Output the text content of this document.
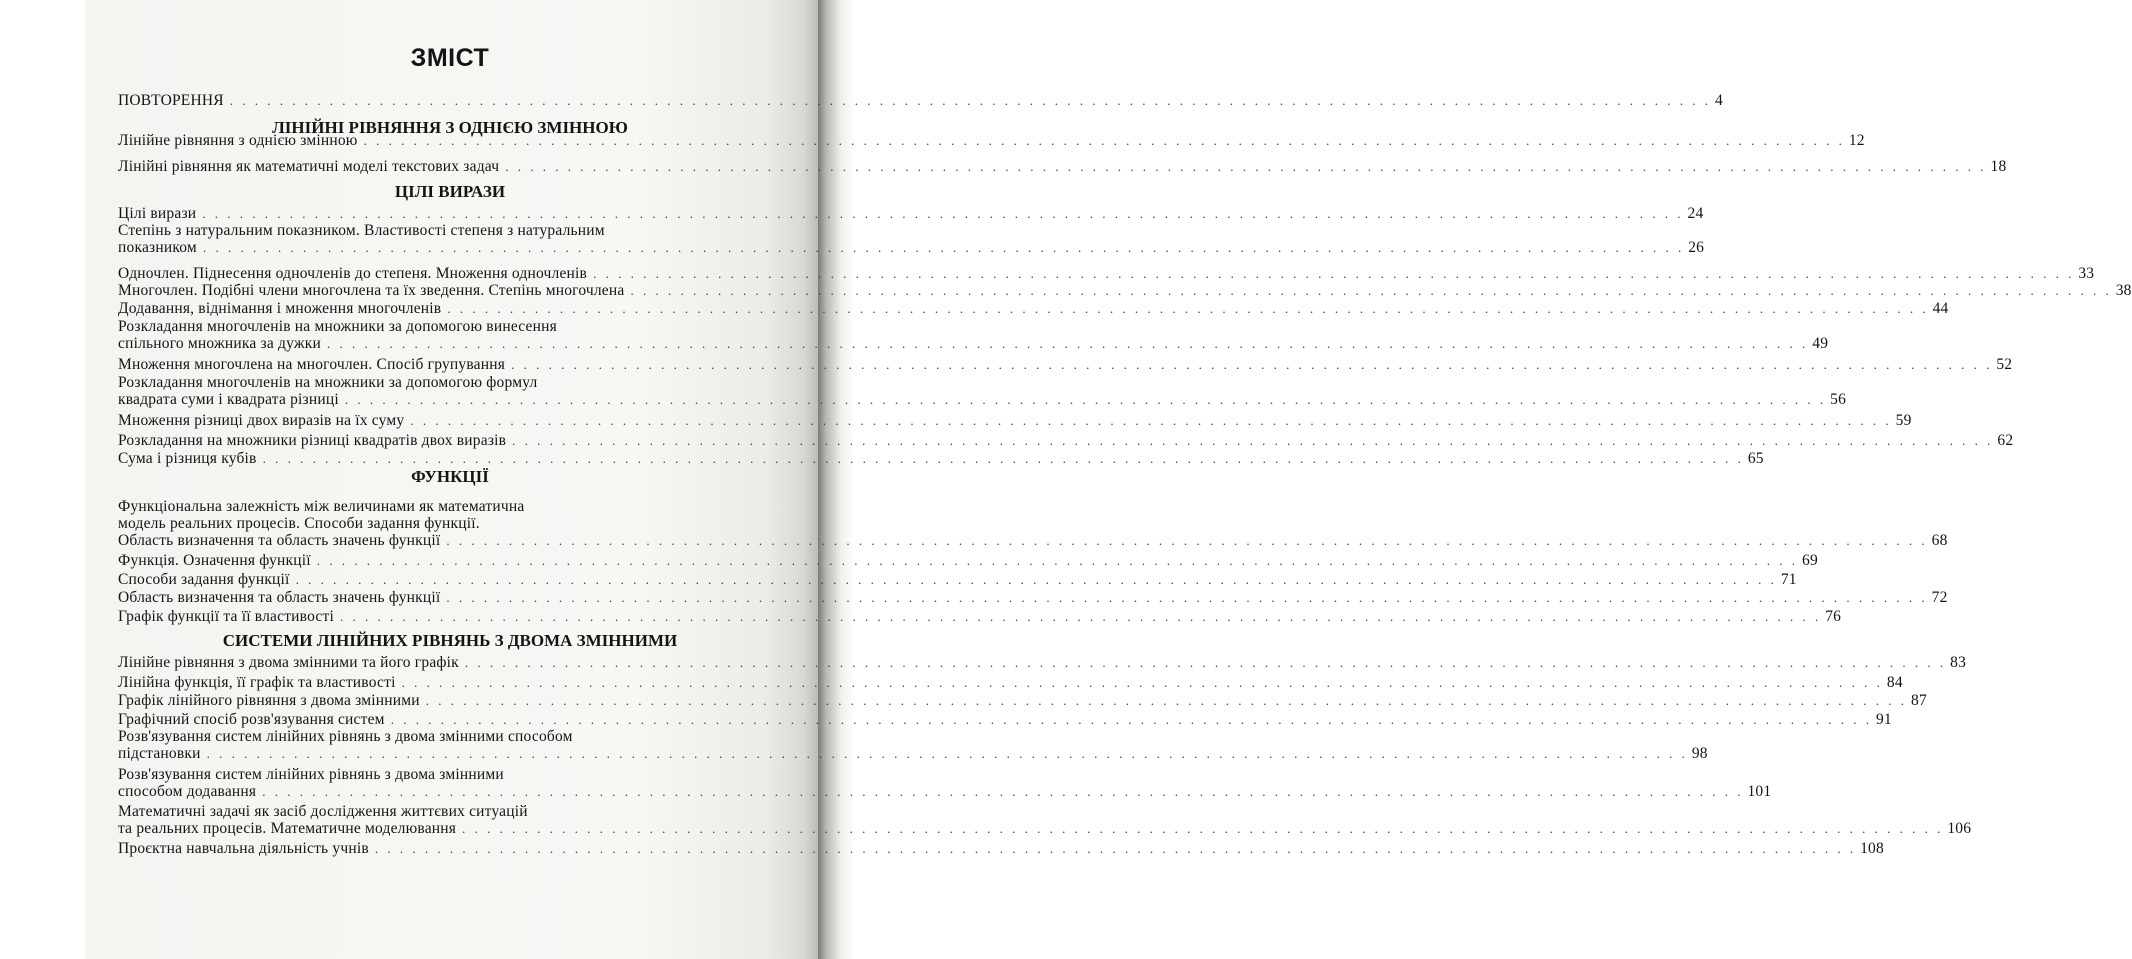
ЗМІСТ
ПОВТОРЕННЯ . . .	4
ЛІНІЙНІ РІВНЯННЯ З ОДНІЄЮ ЗМІННОЮ
Лінійне рівняння з однією змінною . . .	12
Лінійні рівняння як математичні моделі текстових задач . . .	18
ЦІЛІ ВИРАЗИ
Цілі вирази . . .	24
Степінь з натуральним показником. Властивості степеня з натуральним
показником . . .	26
Одночлен. Піднесення одночленів до степеня. Множення одночленів . . .	33
Многочлен. Подібні члени многочлена та їх зведення. Степінь многочлена . . .	38
Додавання, віднімання і множення многочленів . . .	44
Розкладання многочленів на множники за допомогою винесення
спільного множника за дужки . . .	49
Множення многочлена на многочлен. Спосіб групування . . .	52
Розкладання многочленів на множники за допомогою формул
квадрата суми і квадрата різниці . . .	56
Множення різниці двох виразів на їх суму . . .	59
Розкладання на множники різниці квадратів двох виразів . . .	62
Сума і різниця кубів . . .	65
ФУНКЦІЇ
Функціональна залежність між величинами як математична
модель реальних процесів. Способи задання функції.
Область визначення та область значень функції . . .	68
Функція. Означення функції . . .	69
Способи задання функції . . .	71
Область визначення та область значень функції . . .	72
Графік функції та її властивості . . .	76
СИСТЕМИ ЛІНІЙНИХ РІВНЯНЬ З ДВОМА ЗМІННИМИ
Лінійне рівняння з двома змінними та його графік . . .	83
Лінійна функція, її графік та властивості . . .	84
Графік лінійного рівняння з двома змінними . . .	87
Графічний спосіб розв'язування систем . . .	91
Розв'язування систем лінійних рівнянь з двома змінними способом
підстановки . . .	98
Розв'язування систем лінійних рівнянь з двома змінними
способом додавання . . .	101
Математичні задачі як засіб дослідження життєвих ситуацій
та реальних процесів. Математичне моделювання . . .	106
Проєктна навчальна діяльність учнів . . .	108
